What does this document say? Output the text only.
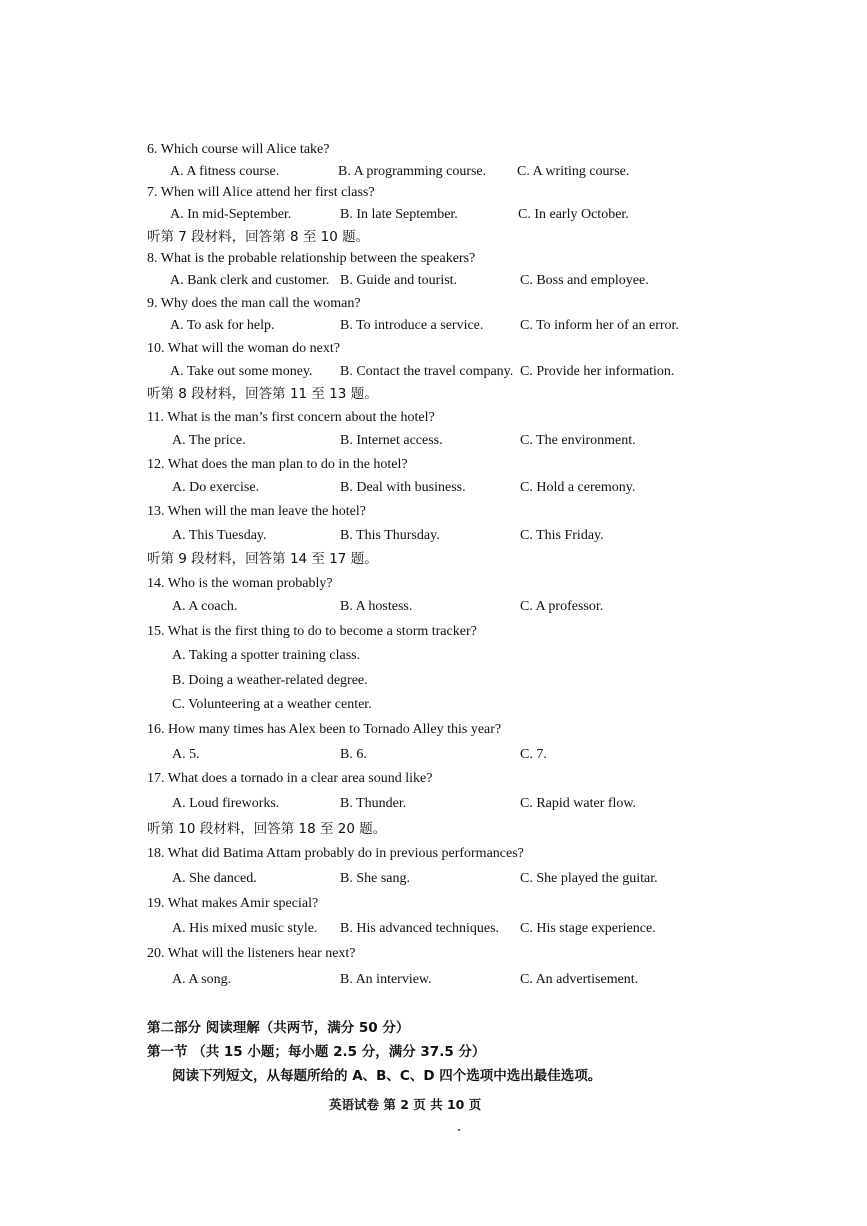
6. Which course will Alice take?
A. A fitness course.	B. A programming course. C. A writing course.
7. When will Alice attend her first class?
A. In mid-September.	B. In late September.	C. In early October.
听第 7 段材料，回答第 8 至 10 题。
8. What is the probable relationship between the speakers?
A. Bank clerk and customer. B. Guide and tourist.	C. Boss and employee.
9. Why does the man call the woman?
A. To ask for help.	B. To introduce a service.	C. To inform her of an error.
10. What will the woman do next?
A. Take out some money. B. Contact the travel company. C. Provide her information.
听第 8 段材料，回答第 11 至 13 题。
11. What is the man’s first concern about the hotel?
A. The price.	B. Internet access.	C. The environment.
12. What does the man plan to do in the hotel?
A. Do exercise.	B. Deal with business.	C. Hold a ceremony.
13. When will the man leave the hotel?
A. This Tuesday.	B. This Thursday.	C. This Friday.
听第 9 段材料，回答第 14 至 17 题。
14. Who is the woman probably?
A. A coach.	B. A hostess.	C. A professor.
15. What is the first thing to do to become a storm tracker?
A. Taking a spotter training class.
B. Doing a weather-related degree.
C. Volunteering at a weather center.
16. How many times has Alex been to Tornado Alley this year?
A. 5.	B. 6.	C. 7.
17. What does a tornado in a clear area sound like?
A. Loud fireworks.	B. Thunder.	C. Rapid water flow.
听第 10 段材料，回答第 18 至 20 题。
18. What did Batima Attam probably do in previous performances?
A. She danced.	B. She sang.	C. She played the guitar.
19. What makes Amir special?
A. His mixed music style. B. His advanced techniques. C. His stage experience.
20. What will the listeners hear next?
A. A song.	B. An interview.	C. An advertisement.
第二部分 阅读理解（共两节，满分 50 分）
第一节 （共 15 小题；每小题 2.5 分，满分 37.5 分）
阅读下列短文，从每题所给的 A、B、C、D 四个选项中选出最佳选项。
英语试卷 第 2 页 共 10 页
